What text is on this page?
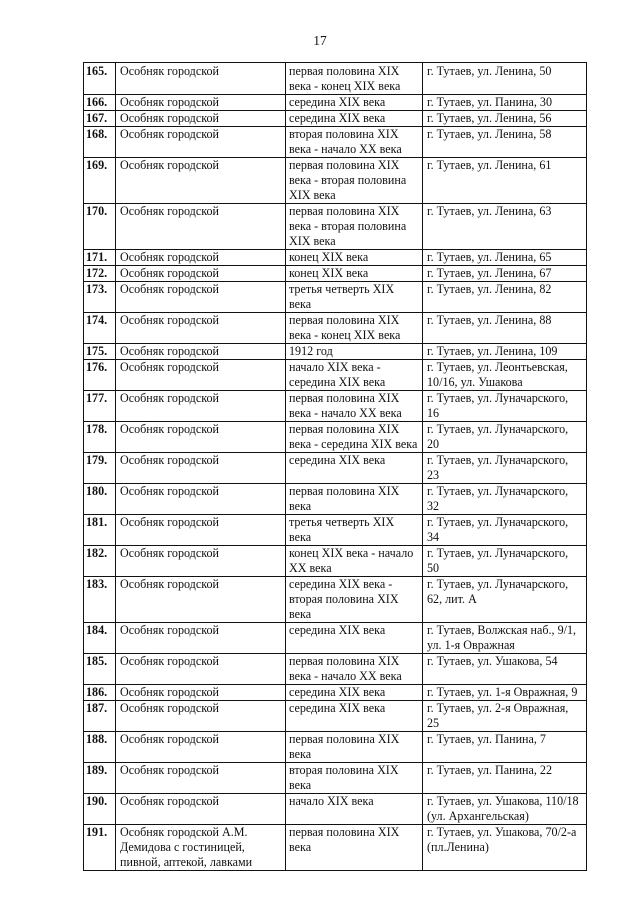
17
165.	Особняк городской	первая половина XIX века - конец XIX века	г. Тутаев, ул. Ленина, 50
166.	Особняк городской	середина XIX века	г. Тутаев, ул. Панина, 30
167.	Особняк городской	середина XIX века	г. Тутаев, ул. Ленина, 56
168.	Особняк городской	вторая половина XIX века - начало XX века	г. Тутаев, ул. Ленина, 58
169.	Особняк городской	первая половина XIX века - вторая половина XIX века	г. Тутаев, ул. Ленина, 61
170.	Особняк городской	первая половина XIX века - вторая половина XIX века	г. Тутаев, ул. Ленина, 63
171.	Особняк городской	конец XIX века	г. Тутаев, ул. Ленина, 65
172.	Особняк городской	конец XIX века	г. Тутаев, ул. Ленина, 67
173.	Особняк городской	третья четверть XIX века	г. Тутаев, ул. Ленина, 82
174.	Особняк городской	первая половина XIX века - конец XIX века	г. Тутаев, ул. Ленина, 88
175.	Особняк городской	1912 год	г. Тутаев, ул. Ленина, 109
176.	Особняк городской	начало XIX века - середина XIX века	г. Тутаев, ул. Леонтьевская, 10/16, ул. Ушакова
177.	Особняк городской	первая половина XIX века - начало XX века	г. Тутаев, ул. Луначарского, 16
178.	Особняк городской	первая половина XIX века - середина XIX века	г. Тутаев, ул. Луначарского, 20
179.	Особняк городской	середина XIX века	г. Тутаев, ул. Луначарского, 23
180.	Особняк городской	первая половина XIX века	г. Тутаев, ул. Луначарского, 32
181.	Особняк городской	третья четверть XIX века	г. Тутаев, ул. Луначарского, 34
182.	Особняк городской	конец XIX века - начало XX века	г. Тутаев, ул. Луначарского, 50
183.	Особняк городской	середина XIX века - вторая половина XIX века	г. Тутаев, ул. Луначарского, 62, лит. А
184.	Особняк городской	середина XIX века	г. Тутаев, Волжская наб., 9/1, ул. 1-я Овражная
185.	Особняк городской	первая половина XIX века - начало XX века	г. Тутаев, ул. Ушакова, 54
186.	Особняк городской	середина XIX века	г. Тутаев, ул. 1-я Овражная, 9
187.	Особняк городской	середина XIX века	г. Тутаев, ул. 2-я Овражная, 25
188.	Особняк городской	первая половина XIX века	г. Тутаев, ул. Панина, 7
189.	Особняк городской	вторая половина XIX века	г. Тутаев, ул. Панина, 22
190.	Особняк городской	начало XIX века	г. Тутаев, ул. Ушакова, 110/18 (ул. Архангельская)
191.	Особняк городской А.М. Демидова с гостиницей, пивной, аптекой, лавками	первая половина XIX века	г. Тутаев, ул. Ушакова, 70/2-а (пл.Ленина)
